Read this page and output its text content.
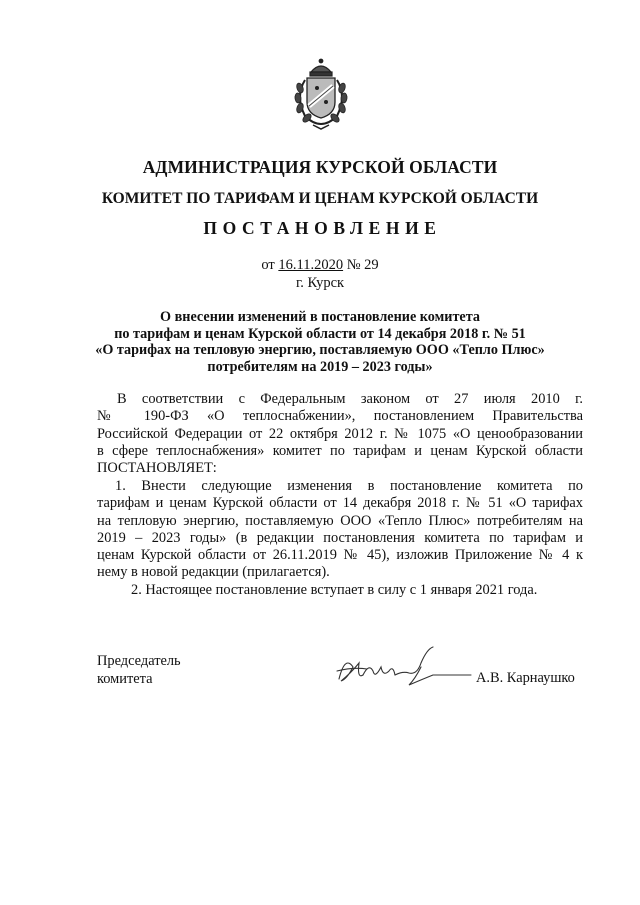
АДМИНИСТРАЦИЯ КУРСКОЙ ОБЛАСТИ
КОМИТЕТ ПО ТАРИФАМ И ЦЕНАМ КУРСКОЙ ОБЛАСТИ
ПОСТАНОВЛЕНИЕ
от 16.11.2020 № 29
г. Курск
О внесении изменений в постановление комитета
по тарифам и ценам Курской области от 14 декабря 2018 г. № 51
«О тарифах на тепловую энергию, поставляемую ООО «Тепло Плюс»
потребителям на 2019 – 2023 годы»
В соответствии с Федеральным законом от 27 июля 2010 г.
№ 190-ФЗ «О теплоснабжении», постановлением Правительства
Российской Федерации от 22 октября 2012 г. № 1075 «О ценообразовании
в сфере теплоснабжения» комитет по тарифам и ценам Курской области
ПОСТАНОВЛЯЕТ:
1. Внести следующие изменения в постановление комитета по
тарифам и ценам Курской области от 14 декабря 2018 г. № 51 «О тарифах
на тепловую энергию, поставляемую ООО «Тепло Плюс» потребителям на
2019 – 2023 годы» (в редакции постановления комитета по тарифам и
ценам Курской области от 26.11.2019 № 45), изложив Приложение № 4 к
нему в новой редакции (прилагается).
2. Настоящее постановление вступает в силу с 1 января 2021 года.
Председатель
комитета	А.В. Карнаушко
